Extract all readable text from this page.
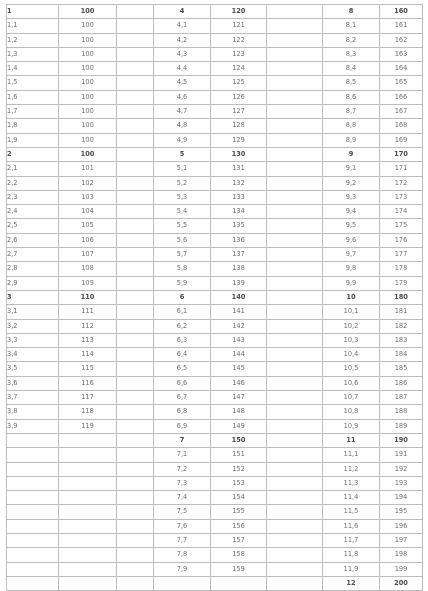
1	100		4	120		8	160
1,1	100		4,1	121		8,1	161
1,2	100		4,2	122		8,2	162
1,3	100		4,3	123		8,3	163
1,4	100		4,4	124		8,4	164
1,5	100		4,5	125		8,5	165
1,6	100		4,6	126		8,6	166
1,7	100		4,7	127		8,7	167
1,8	100		4,8	128		8,8	168
1,9	100		4,9	129		8,9	169
2	100		5	130		9	170
2,1	101		5,1	131		9,1	171
2,2	102		5,2	132		9,2	172
2,3	103		5,3	133		9,3	173
2,4	104		5,4	134		9,4	174
2,5	105		5,5	135		9,5	175
2,6	106		5,6	136		9,6	176
2,7	107		5,7	137		9,7	177
2,8	108		5,8	138		9,8	178
2,9	109		5,9	139		9,9	179
3	110		6	140		10	180
3,1	111		6,1	141		10,1	181
3,2	112		6,2	142		10,2	182
3,3	113		6,3	143		10,3	183
3,4	114		6,4	144		10,4	184
3,5	115		6,5	145		10,5	185
3,6	116		6,6	146		10,6	186
3,7	117		6,7	147		10,7	187
3,8	118		6,8	148		10,8	188
3,9	119		6,9	149		10,9	189
			7	150		11	190
			7,1	151		11,1	191
			7,2	152		11,2	192
			7,3	153		11,3	193
			7,4	154		11,4	194
			7,5	155		11,5	195
			7,6	156		11,6	196
			7,7	157		11,7	197
			7,8	158		11,8	198
			7,9	159		11,9	199
						12	200
